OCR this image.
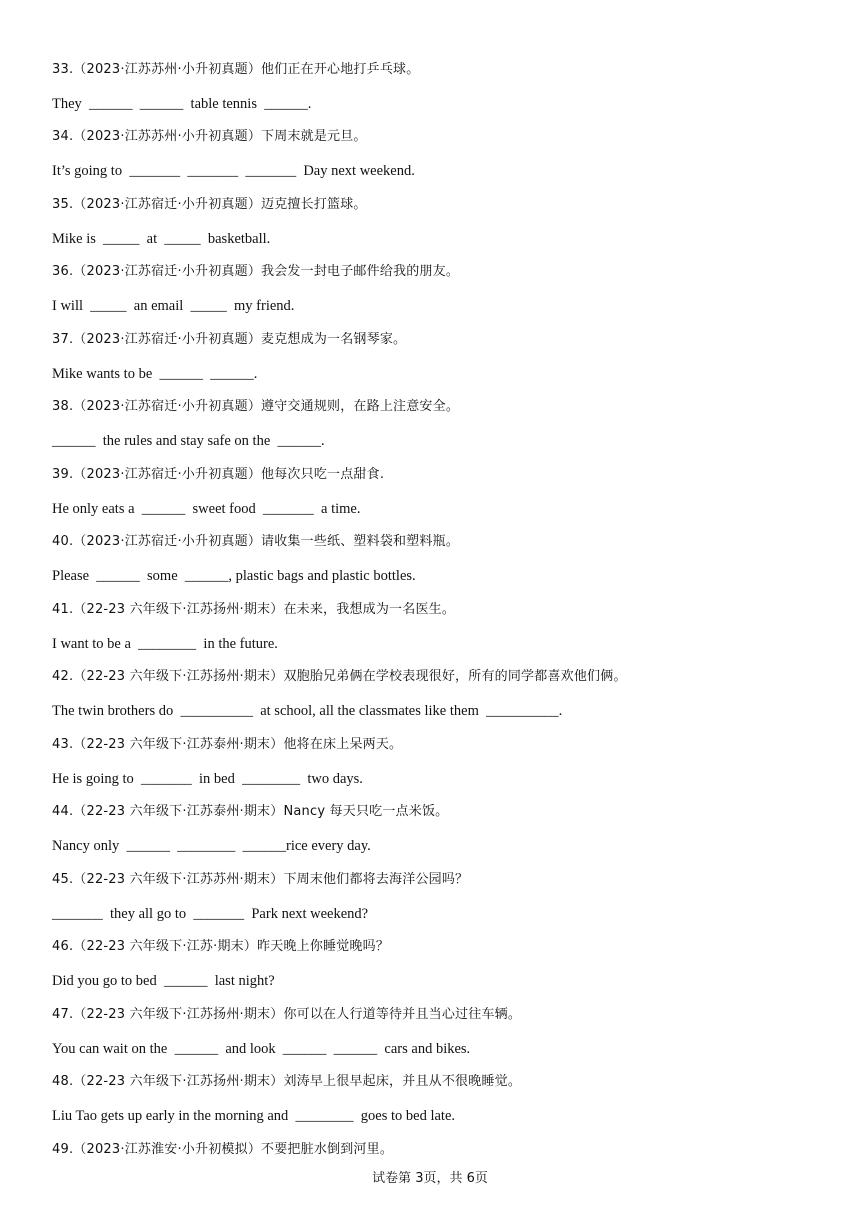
33.（2023·江苏苏州·小升初真题）他们正在开心地打乒乓球。
They  ______  ______  table tennis  ______.
34.（2023·江苏苏州·小升初真题）下周末就是元旦。
It’s going to  _______  _______  _______  Day next weekend.
35.（2023·江苏宿迁·小升初真题）迈克擅长打篮球。
Mike is  _____  at  _____  basketball.
36.（2023·江苏宿迁·小升初真题）我会发一封电子邮件给我的朋友。
I will  _____  an email  _____  my friend.
37.（2023·江苏宿迁·小升初真题）麦克想成为一名钢琴家。
Mike wants to be  ______  ______.
38.（2023·江苏宿迁·小升初真题）遵守交通规则，在路上注意安全。
______  the rules and stay safe on the  ______.
39.（2023·江苏宿迁·小升初真题）他每次只吃一点甜食.
He only eats a  ______  sweet food  _______  a time.
40.（2023·江苏宿迁·小升初真题）请收集一些纸、塑料袋和塑料瓶。
Please  ______  some  ______, plastic bags and plastic bottles.
41.（22-23 六年级下·江苏扬州·期末）在未来，我想成为一名医生。
I want to be a  ________  in the future.
42.（22-23 六年级下·江苏扬州·期末）双胞胎兄弟俩在学校表现很好，所有的同学都喜欢他们俩。
The twin brothers do  __________  at school, all the classmates like them  __________.
43.（22-23 六年级下·江苏泰州·期末）他将在床上呆两天。
He is going to  _______  in bed  ________  two days.
44.（22-23 六年级下·江苏泰州·期末）Nancy 每天只吃一点米饭。
Nancy only  ______  ________  ______rice every day.
45.（22-23 六年级下·江苏苏州·期末）下周末他们都将去海洋公园吗？
_______  they all go to  _______  Park next weekend?
46.（22-23 六年级下·江苏·期末）昨天晚上你睡觉晚吗？
Did you go to bed  ______  last night?
47.（22-23 六年级下·江苏扬州·期末）你可以在人行道等待并且当心过往车辆。
You can wait on the  ______  and look  ______  ______  cars and bikes.
48.（22-23 六年级下·江苏扬州·期末）刘涛早上很早起床，并且从不很晚睡觉。
Liu Tao gets up early in the morning and  ________  goes to bed late.
49.（2023·江苏淮安·小升初模拟）不要把脏水倒到河里。
试卷第 3页，共 6页
